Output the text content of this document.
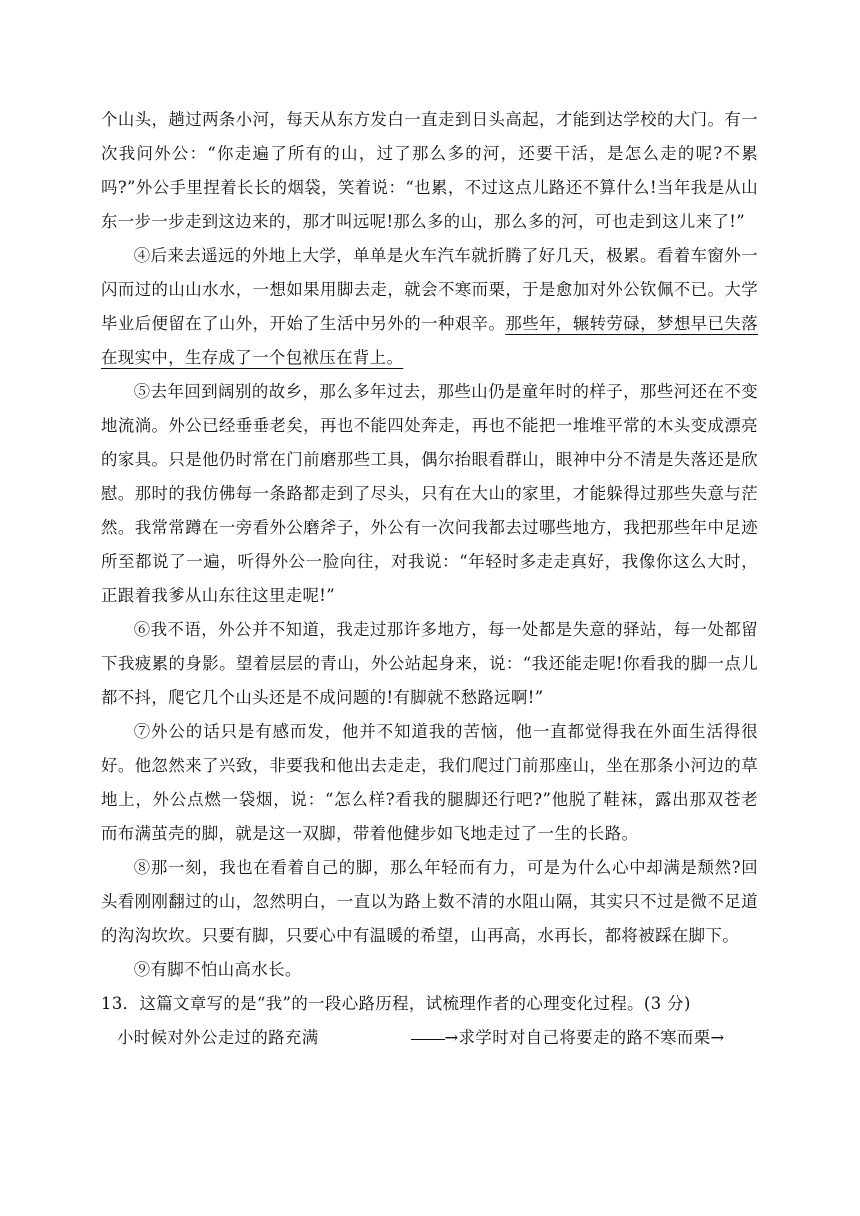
个山头，趟过两条小河，每天从东方发白一直走到日头高起，才能到达学校的大门。有一次我问外公：“你走遍了所有的山，过了那么多的河，还要干活，是怎么走的呢?不累吗?”外公手里捏着长长的烟袋，笑着说：“也累，不过这点儿路还不算什么!当年我是从山东一步一步走到这边来的，那才叫远呢!那么多的山，那么多的河，可也走到这儿来了!”

④后来去遥远的外地上大学，单单是火车汽车就折腾了好几天，极累。看着车窗外一闪而过的山山水水，一想如果用脚去走，就会不寒而栗，于是愈加对外公钦佩不已。大学毕业后便留在了山外，开始了生活中另外的一种艰辛。那些年，辗转劳碌，梦想早已失落在现实中，生存成了一个包袱压在背上。

⑤去年回到阔别的故乡，那么多年过去，那些山仍是童年时的样子，那些河还在不变地流淌。外公已经垂垂老矣，再也不能四处奔走，再也不能把一堆堆平常的木头变成漂亮的家具。只是他仍时常在门前磨那些工具，偶尔抬眼看群山，眼神中分不清是失落还是欣慰。那时的我仿佛每一条路都走到了尽头，只有在大山的家里，才能躲得过那些失意与茫然。我常常蹲在一旁看外公磨斧子，外公有一次问我都去过哪些地方，我把那些年中足迹所至都说了一遍，听得外公一脸向往，对我说：“年轻时多走走真好，我像你这么大时，正跟着我爹从山东往这里走呢!”

⑥我不语，外公并不知道，我走过那许多地方，每一处都是失意的驿站，每一处都留下我疲累的身影。望着层层的青山，外公站起身来，说：“我还能走呢!你看我的脚一点儿都不抖，爬它几个山头还是不成问题的!有脚就不愁路远啊!”

⑦外公的话只是有感而发，他并不知道我的苦恼，他一直都觉得我在外面生活得很好。他忽然来了兴致，非要我和他出去走走，我们爬过门前那座山，坐在那条小河边的草地上，外公点燃一袋烟，说：“怎么样?看我的腿脚还行吧?”他脱了鞋袜，露出那双苍老而布满茧壳的脚，就是这一双脚，带着他健步如飞地走过了一生的长路。

⑧那一刻，我也在看着自己的脚，那么年轻而有力，可是为什么心中却满是颓然?回头看刚刚翻过的山，忽然明白，一直以为路上数不清的水阻山隔，其实只不过是微不足道的沟沟坎坎。只要有脚，只要心中有温暖的希望，山再高，水再长，都将被踩在脚下。

⑨有脚不怕山高水长。

13．这篇文章写的是“我”的一段心路历程，试梳理作者的心理变化过程。(3 分)

小时候对外公走过的路充满	→求学时对自己将要走的路不寒而栗→
